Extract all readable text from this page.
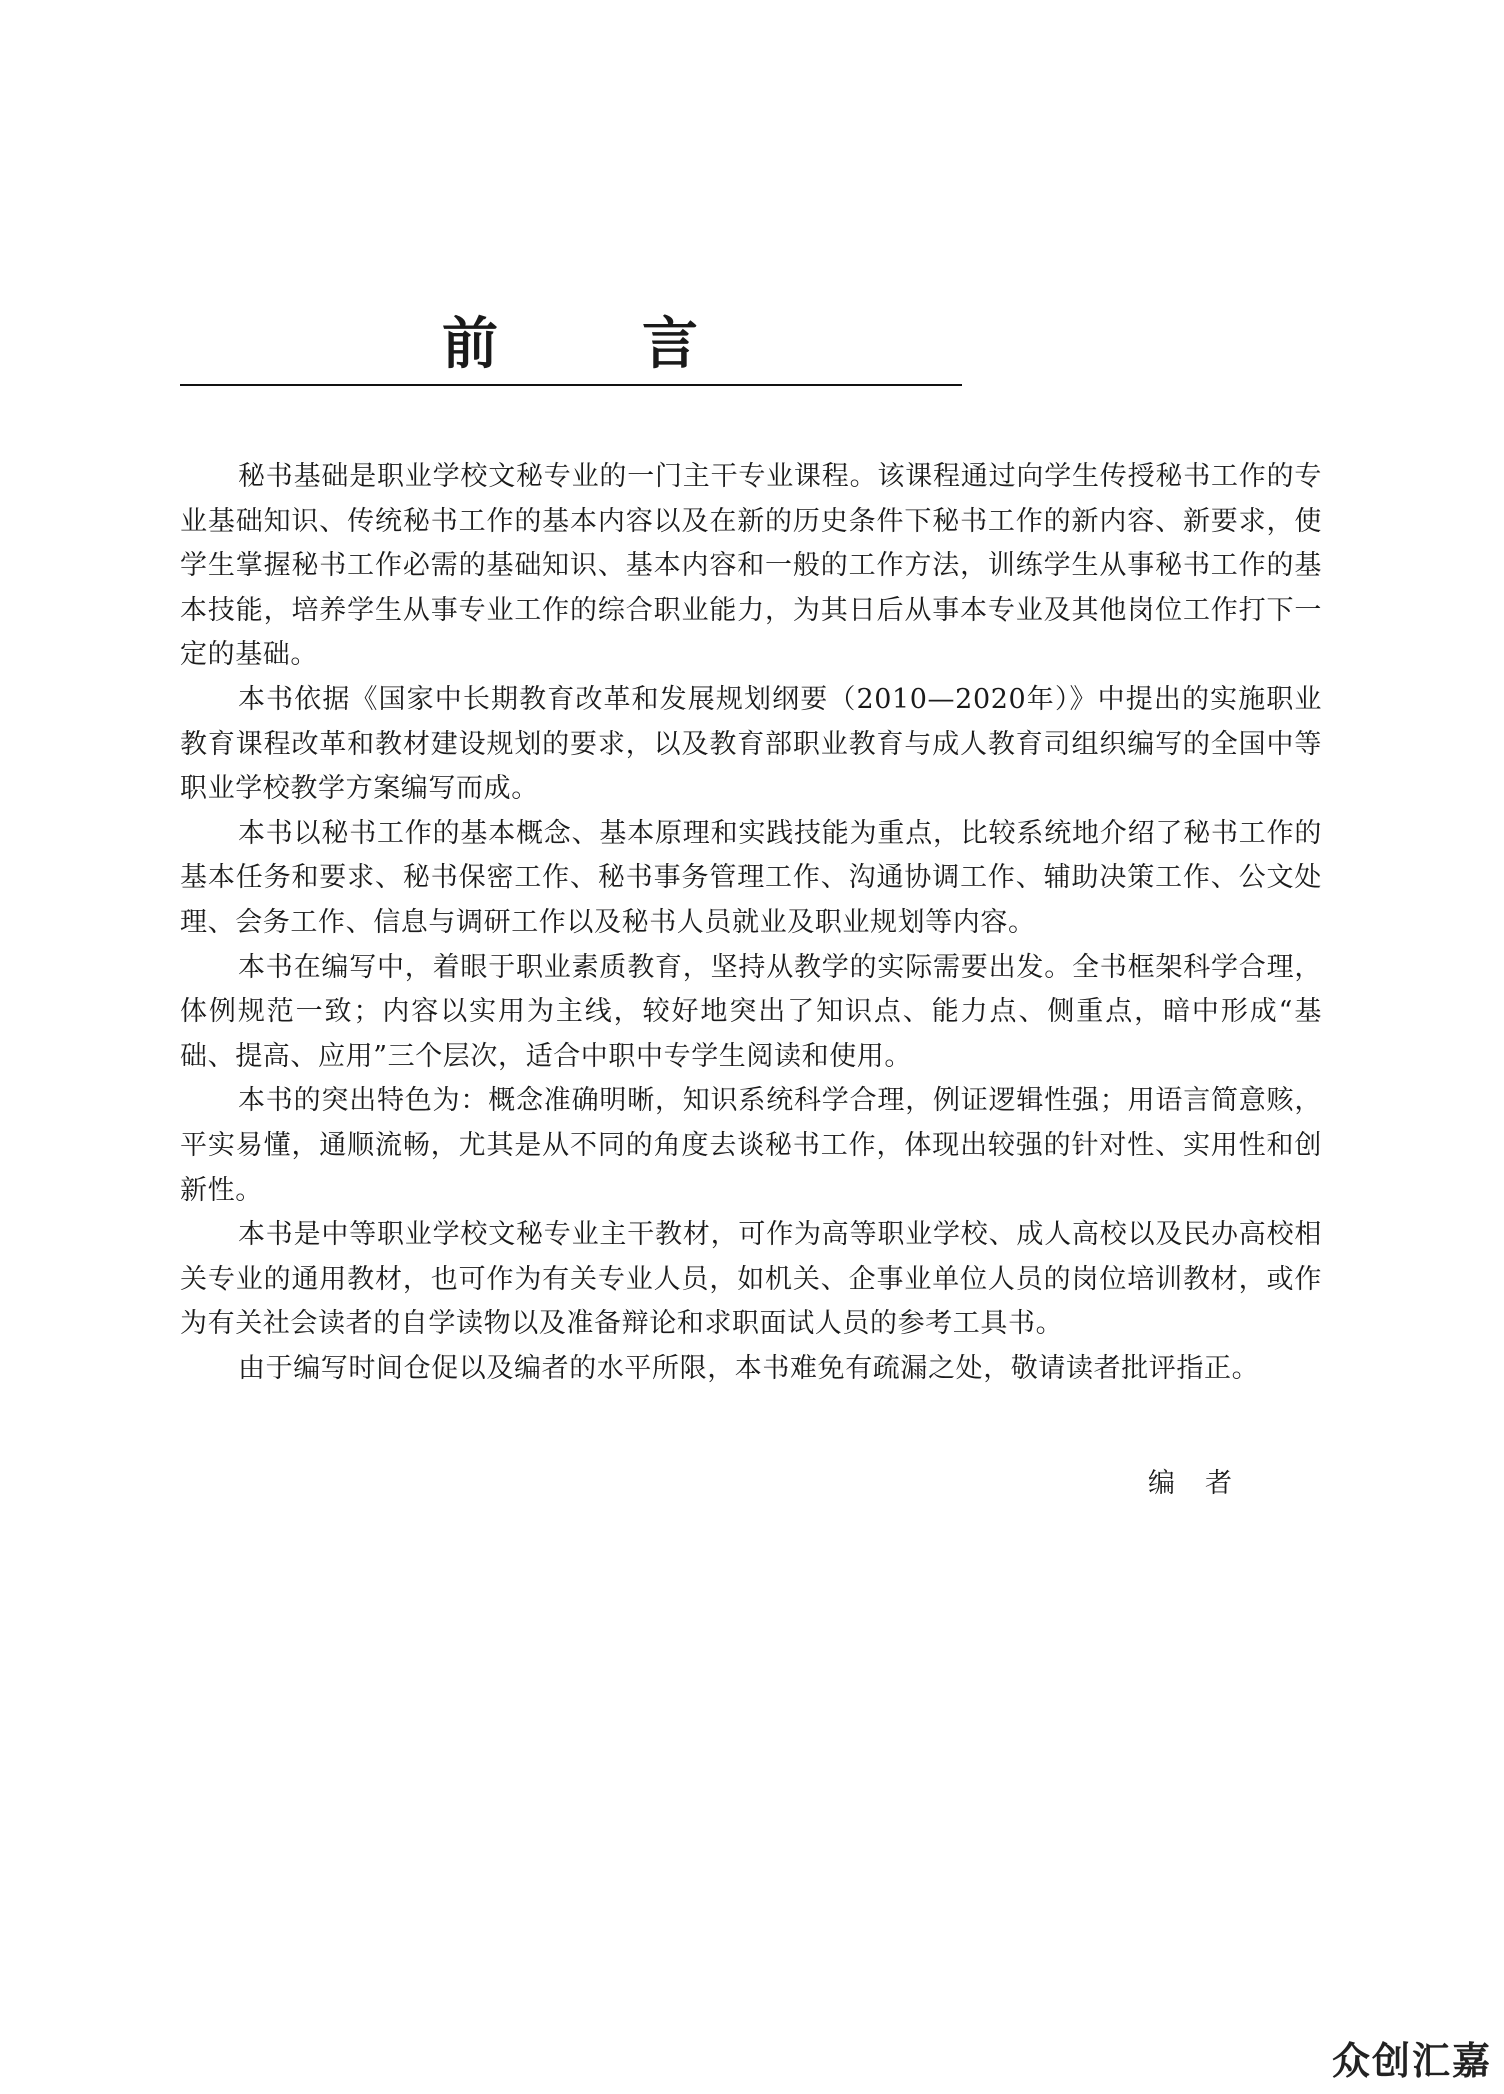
前　言

秘书基础是职业学校文秘专业的一门主干专业课程。该课程通过向学生传授秘书工作的专业基础知识、传统秘书工作的基本内容以及在新的历史条件下秘书工作的新内容、新要求，使学生掌握秘书工作必需的基础知识、基本内容和一般的工作方法，训练学生从事秘书工作的基本技能，培养学生从事专业工作的综合职业能力，为其日后从事本专业及其他岗位工作打下一定的基础。

本书依据《国家中长期教育改革和发展规划纲要（2010—2020年）》中提出的实施职业教育课程改革和教材建设规划的要求，以及教育部职业教育与成人教育司组织编写的全国中等职业学校教学方案编写而成。

本书以秘书工作的基本概念、基本原理和实践技能为重点，比较系统地介绍了秘书工作的基本任务和要求、秘书保密工作、秘书事务管理工作、沟通协调工作、辅助决策工作、公文处理、会务工作、信息与调研工作以及秘书人员就业及职业规划等内容。

本书在编写中，着眼于职业素质教育，坚持从教学的实际需要出发。全书框架科学合理，体例规范一致；内容以实用为主线，较好地突出了知识点、能力点、侧重点，暗中形成“基础、提高、应用”三个层次，适合中职中专学生阅读和使用。

本书的突出特色为：概念准确明晰，知识系统科学合理，例证逻辑性强；用语言简意赅，平实易懂，通顺流畅，尤其是从不同的角度去谈秘书工作，体现出较强的针对性、实用性和创新性。

本书是中等职业学校文秘专业主干教材，可作为高等职业学校、成人高校以及民办高校相关专业的通用教材，也可作为有关专业人员，如机关、企事业单位人员的岗位培训教材，或作为有关社会读者的自学读物以及准备辩论和求职面试人员的参考工具书。

由于编写时间仓促以及编者的水平所限，本书难免有疏漏之处，敬请读者批评指正。

编者
众创汇嘉
